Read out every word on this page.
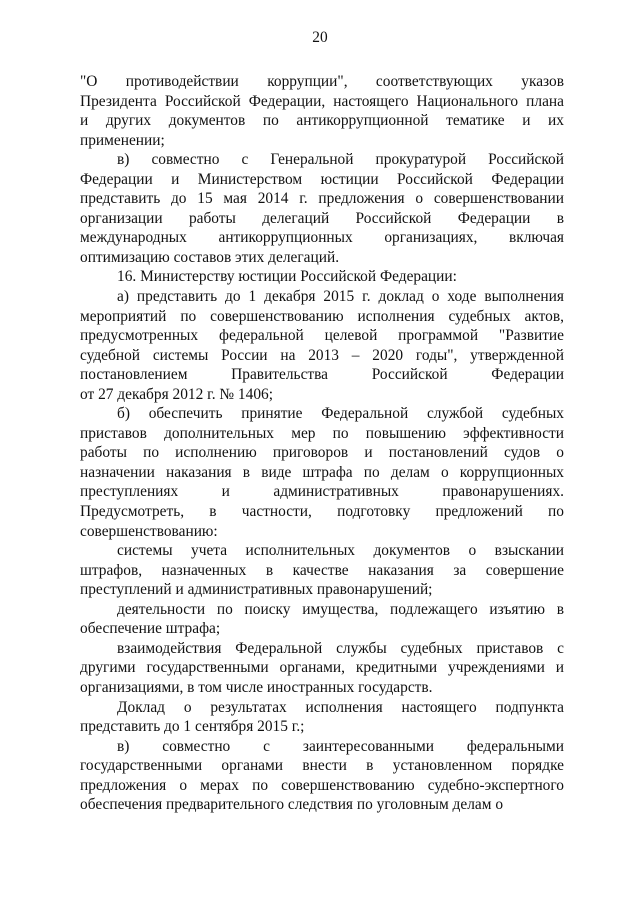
20
"О противодействии коррупции", соответствующих указов
Президента Российской Федерации, настоящего Национального плана
и других документов по антикоррупционной тематике и их
применении;
в) совместно с Генеральной прокуратурой Российской
Федерации и Министерством юстиции Российской Федерации
представить до 15 мая 2014 г. предложения о совершенствовании
организации работы делегаций Российской Федерации в
международных антикоррупционных организациях, включая
оптимизацию составов этих делегаций.
16. Министерству юстиции Российской Федерации:
а) представить до 1 декабря 2015 г. доклад о ходе выполнения
мероприятий по совершенствованию исполнения судебных актов,
предусмотренных федеральной целевой программой "Развитие
судебной системы России на 2013 – 2020 годы", утвержденной
постановлением Правительства Российской Федерации
от 27 декабря 2012 г. № 1406;
б) обеспечить принятие Федеральной службой судебных
приставов дополнительных мер по повышению эффективности
работы по исполнению приговоров и постановлений судов о
назначении наказания в виде штрафа по делам о коррупционных
преступлениях и административных правонарушениях.
Предусмотреть, в частности, подготовку предложений по
совершенствованию:
системы учета исполнительных документов о взыскании
штрафов, назначенных в качестве наказания за совершение
преступлений и административных правонарушений;
деятельности по поиску имущества, подлежащего изъятию в
обеспечение штрафа;
взаимодействия Федеральной службы судебных приставов с
другими государственными органами, кредитными учреждениями и
организациями, в том числе иностранных государств.
Доклад о результатах исполнения настоящего подпункта
представить до 1 сентября 2015 г.;
в) совместно с заинтересованными федеральными
государственными органами внести в установленном порядке
предложения о мерах по совершенствованию судебно-экспертного
обеспечения предварительного следствия по уголовным делам о
